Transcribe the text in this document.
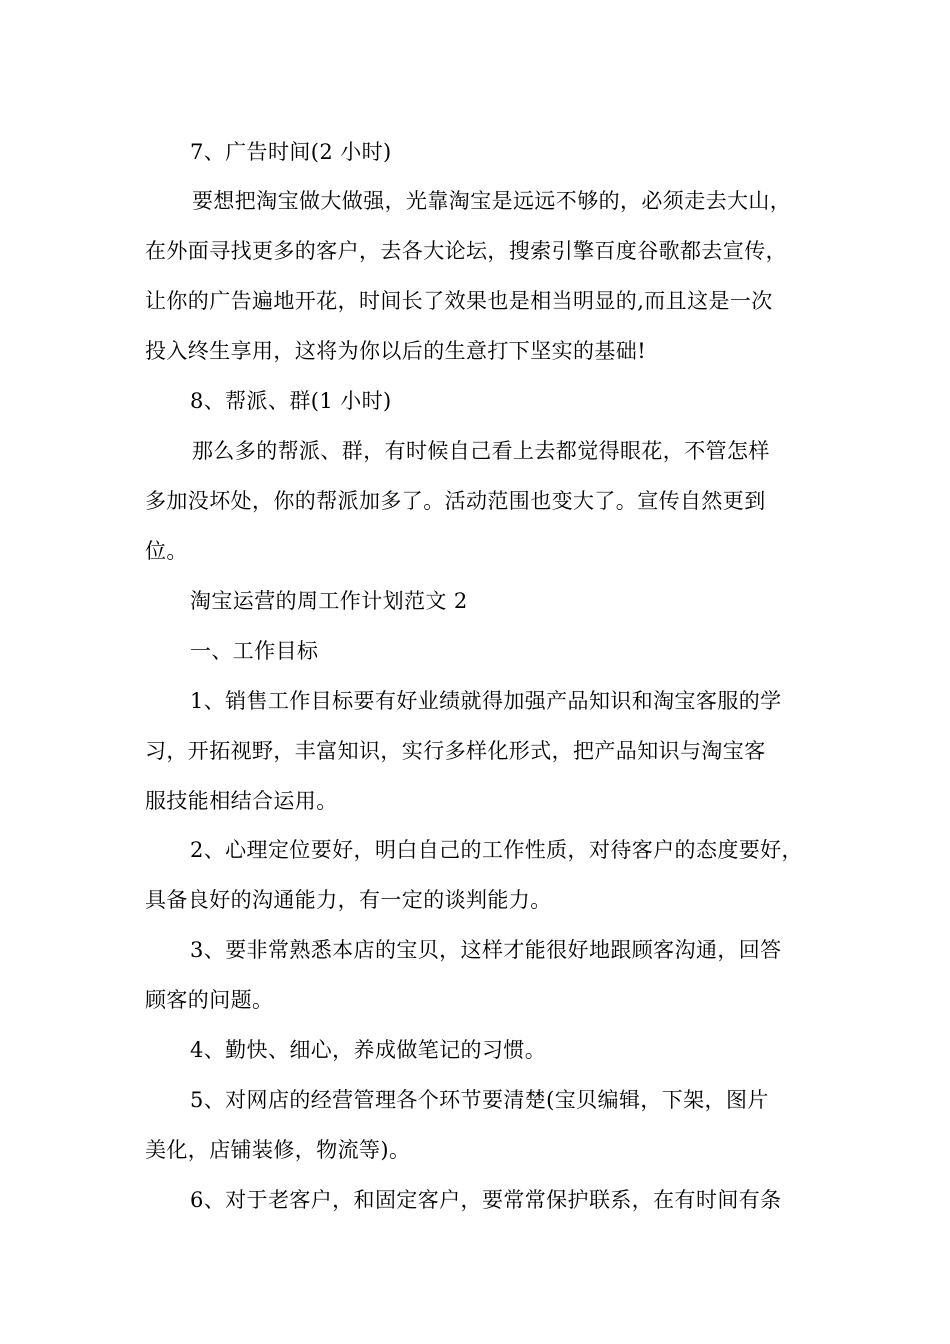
7、广告时间(2 小时)
要想把淘宝做大做强，光靠淘宝是远远不够的，必须走去大山，
在外面寻找更多的客户，去各大论坛，搜索引擎百度谷歌都去宣传，
让你的广告遍地开花，时间长了效果也是相当明显的,而且这是一次
投入终生享用，这将为你以后的生意打下坚实的基础!
8、帮派、群(1 小时)
那么多的帮派、群，有时候自己看上去都觉得眼花，不管怎样
多加没坏处，你的帮派加多了。活动范围也变大了。宣传自然更到
位。
淘宝运营的周工作计划范文 2
一、工作目标
1、销售工作目标要有好业绩就得加强产品知识和淘宝客服的学
习，开拓视野，丰富知识，实行多样化形式，把产品知识与淘宝客
服技能相结合运用。
2、心理定位要好，明白自己的工作性质，对待客户的态度要好，
具备良好的沟通能力，有一定的谈判能力。
3、要非常熟悉本店的宝贝，这样才能很好地跟顾客沟通，回答
顾客的问题。
4、勤快、细心，养成做笔记的习惯。
5、对网店的经营管理各个环节要清楚(宝贝编辑，下架，图片
美化，店铺装修，物流等)。
6、对于老客户，和固定客户，要常常保护联系，在有时间有条
